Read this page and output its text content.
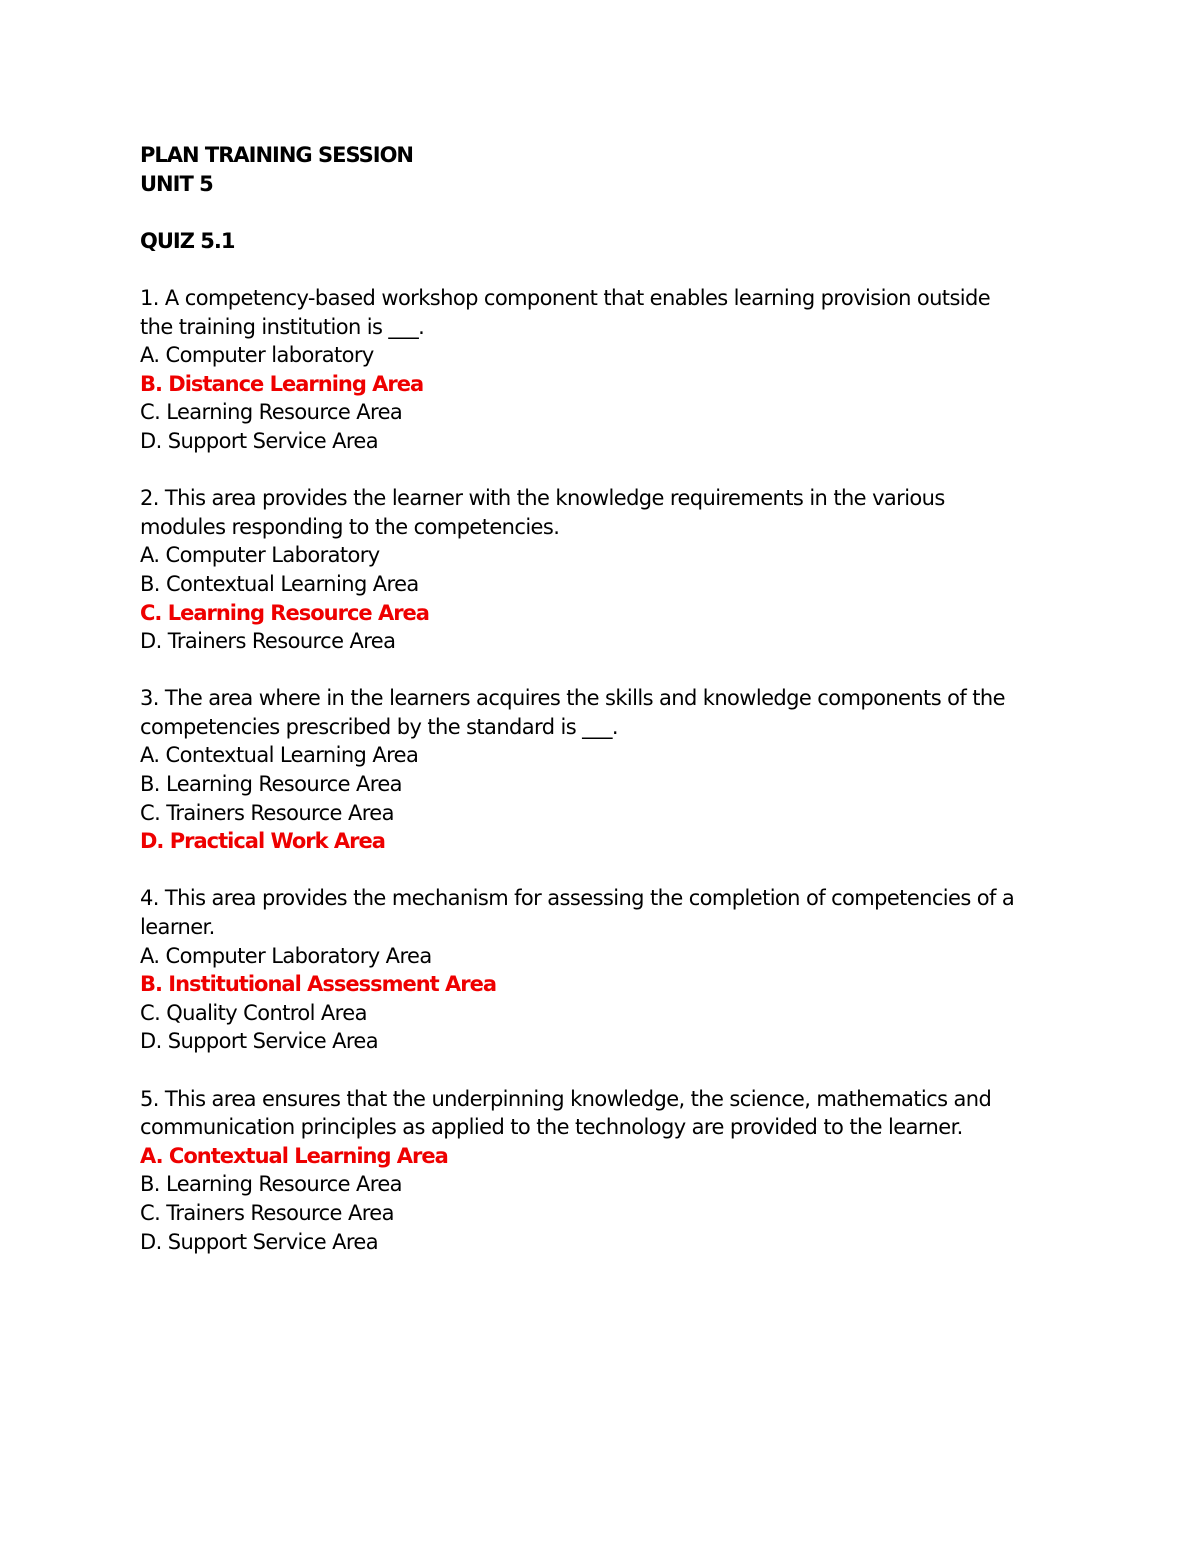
PLAN TRAINING SESSION
UNIT 5
QUIZ 5.1
1. A competency-based workshop component that enables learning provision outside
the training institution is ___.
A. Computer laboratory
B. Distance Learning Area
C. Learning Resource Area
D. Support Service Area
2. This area provides the learner with the knowledge requirements in the various
modules responding to the competencies.
A. Computer Laboratory
B. Contextual Learning Area
C. Learning Resource Area
D. Trainers Resource Area
3. The area where in the learners acquires the skills and knowledge components of the
competencies prescribed by the standard is ___.
A. Contextual Learning Area
B. Learning Resource Area
C. Trainers Resource Area
D. Practical Work Area
4. This area provides the mechanism for assessing the completion of competencies of a
learner.
A. Computer Laboratory Area
B. Institutional Assessment Area
C. Quality Control Area
D. Support Service Area
5. This area ensures that the underpinning knowledge, the science, mathematics and
communication principles as applied to the technology are provided to the learner.
A. Contextual Learning Area
B. Learning Resource Area
C. Trainers Resource Area
D. Support Service Area
